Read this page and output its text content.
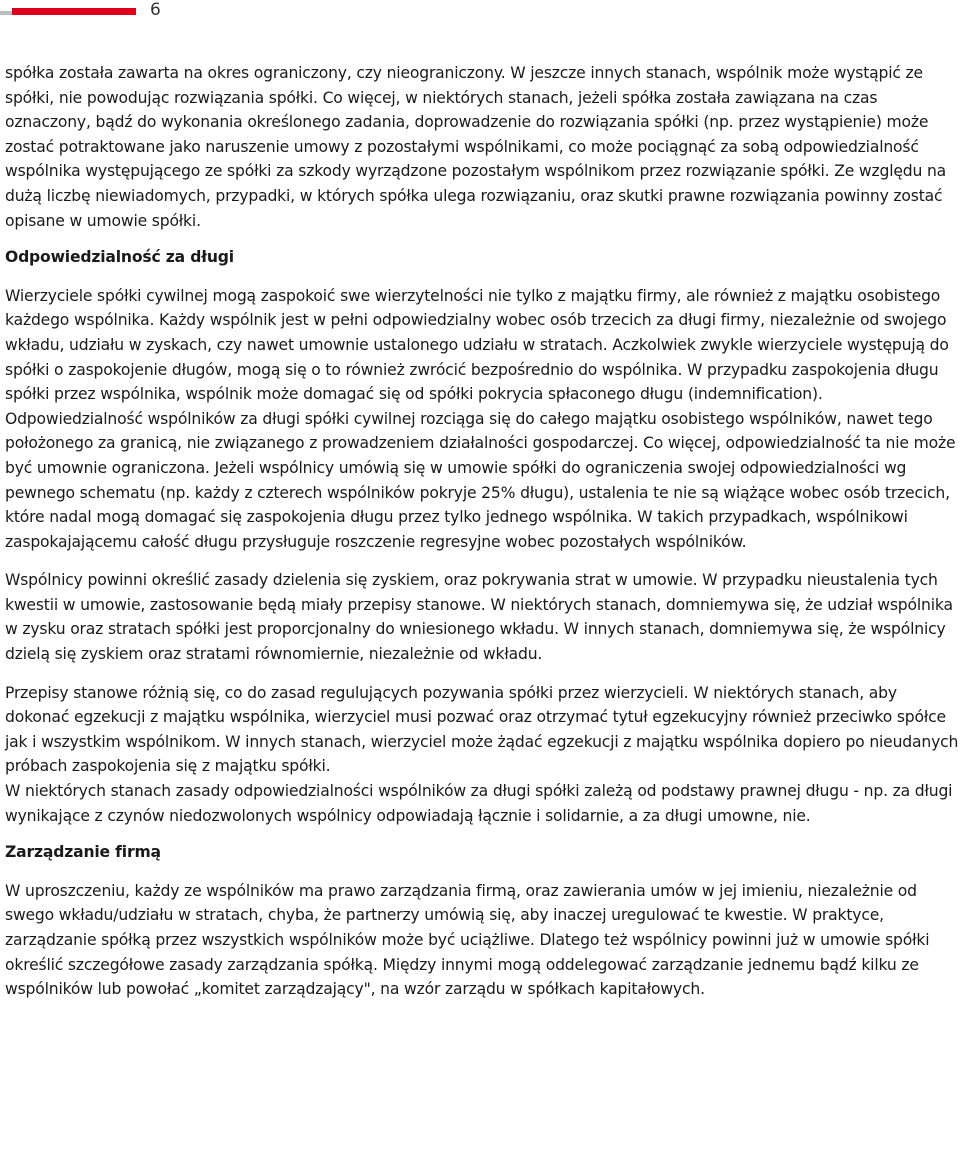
6

spółka została zawarta na okres ograniczony, czy nieograniczony. W jeszcze innych stanach, wspólnik może wystąpić ze spółki, nie powodując rozwiązania spółki. Co więcej, w niektórych stanach, jeżeli spółka została zawiązana na czas oznaczony, bądź do wykonania określonego zadania, doprowadzenie do rozwiązania spółki (np. przez wystąpienie) może zostać potraktowane jako naruszenie umowy z pozostałymi wspólnikami, co może pociągnąć za sobą odpowiedzialność wspólnika występującego ze spółki za szkody wyrządzone pozostałym wspólnikom przez rozwiązanie spółki. Ze względu na dużą liczbę niewiadomych, przypadki, w których spółka ulega rozwiązaniu, oraz skutki prawne rozwiązania powinny zostać opisane w umowie spółki.

Odpowiedzialność za długi

Wierzyciele spółki cywilnej mogą zaspokoić swe wierzytelności nie tylko z majątku firmy, ale również z majątku osobistego każdego wspólnika. Każdy wspólnik jest w pełni odpowiedzialny wobec osób trzecich za długi firmy, niezależnie od swojego wkładu, udziału w zyskach, czy nawet umownie ustalonego udziału w stratach. Aczkolwiek zwykle wierzyciele występują do spółki o zaspokojenie długów, mogą się o to również zwrócić bezpośrednio do wspólnika. W przypadku zaspokojenia długu spółki przez wspólnika, wspólnik może domagać się od spółki pokrycia spłaconego długu (indemnification). Odpowiedzialność wspólników za długi spółki cywilnej rozciąga się do całego majątku osobistego wspólników, nawet tego położonego za granicą, nie związanego z prowadzeniem działalności gospodarczej. Co więcej, odpowiedzialność ta nie może być umownie ograniczona. Jeżeli wspólnicy umówią się w umowie spółki do ograniczenia swojej odpowiedzialności wg pewnego schematu (np. każdy z czterech wspólników pokryje 25% długu), ustalenia te nie są wiążące wobec osób trzecich, które nadal mogą domagać się zaspokojenia długu przez tylko jednego wspólnika. W takich przypadkach, wspólnikowi zaspokajającemu całość długu przysługuje roszczenie regresyjne wobec pozostałych wspólników.

Wspólnicy powinni określić zasady dzielenia się zyskiem, oraz pokrywania strat w umowie. W przypadku nieustalenia tych kwestii w umowie, zastosowanie będą miały przepisy stanowe. W niektórych stanach, domniemywa się, że udział wspólnika w zysku oraz stratach spółki jest proporcjonalny do wniesionego wkładu. W innych stanach, domniemywa się, że wspólnicy dzielą się zyskiem oraz stratami równomiernie, niezależnie od wkładu.

Przepisy stanowe różnią się, co do zasad regulujących pozywania spółki przez wierzycieli. W niektórych stanach, aby dokonać egzekucji z majątku wspólnika, wierzyciel musi pozwać oraz otrzymać tytuł egzekucyjny również przeciwko spółce jak i wszystkim wspólnikom. W innych stanach, wierzyciel może żądać egzekucji z majątku wspólnika dopiero po nieudanych próbach zaspokojenia się z majątku spółki.

W niektórych stanach zasady odpowiedzialności wspólników za długi spółki zależą od podstawy prawnej długu - np. za długi wynikające z czynów niedozwolonych wspólnicy odpowiadają łącznie i solidarnie, a za długi umowne, nie.

Zarządzanie firmą

W uproszczeniu, każdy ze wspólników ma prawo zarządzania firmą, oraz zawierania umów w jej imieniu, niezależnie od swego wkładu/udziału w stratach, chyba, że partnerzy umówią się, aby inaczej uregulować te kwestie. W praktyce, zarządzanie spółką przez wszystkich wspólników może być uciążliwe. Dlatego też wspólnicy powinni już w umowie spółki określić szczegółowe zasady zarządzania spółką. Między innymi mogą oddelegować zarządzanie jednemu bądź kilku ze wspólników lub powołać „komitet zarządzający", na wzór zarządu w spółkach kapitałowych.
